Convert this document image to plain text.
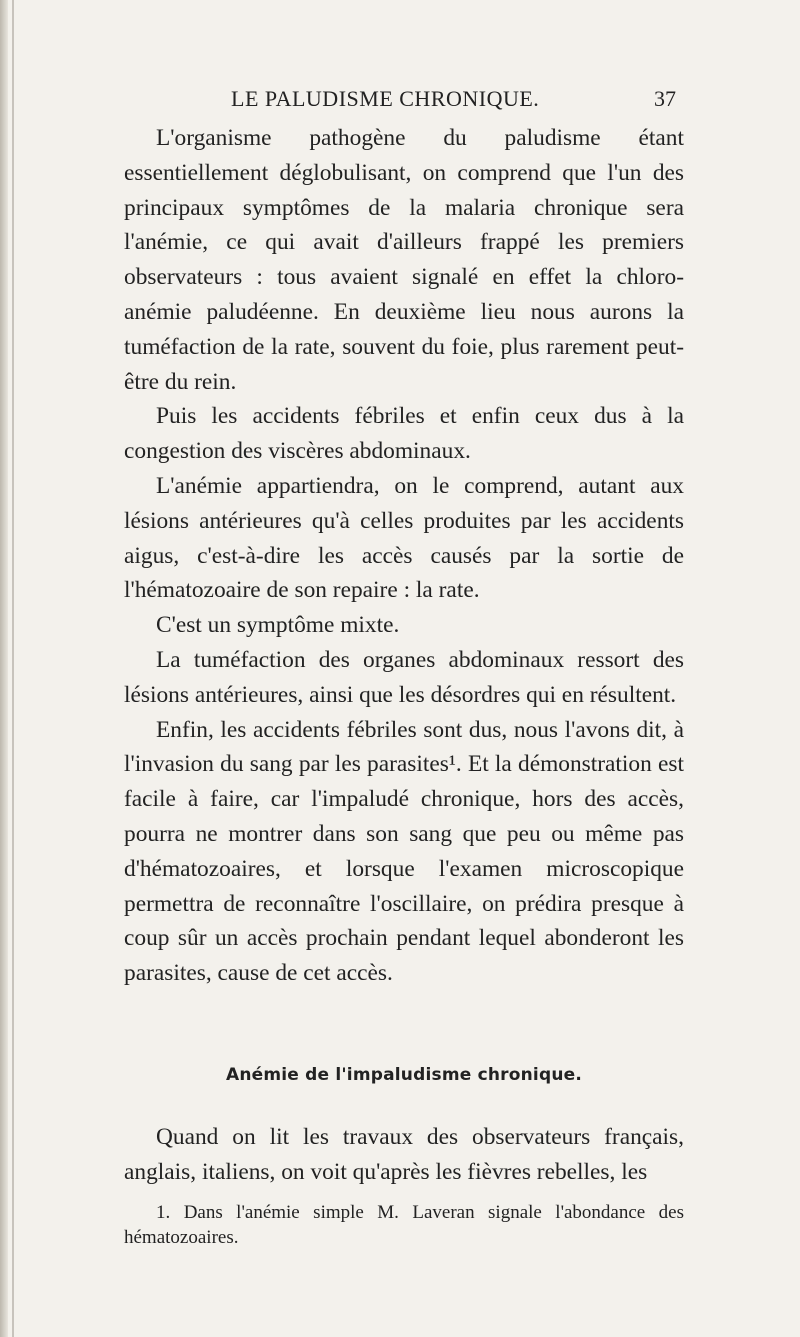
LE PALUDISME CHRONIQUE.	37

L'organisme pathogène du paludisme étant essentiellement déglobulisant, on comprend que l'un des principaux symptômes de la malaria chronique sera l'anémie, ce qui avait d'ailleurs frappé les premiers observateurs : tous avaient signalé en effet la chloro-anémie paludéenne. En deuxième lieu nous aurons la tuméfaction de la rate, souvent du foie, plus rarement peut-être du rein.

Puis les accidents fébriles et enfin ceux dus à la congestion des viscères abdominaux.

L'anémie appartiendra, on le comprend, autant aux lésions antérieures qu'à celles produites par les accidents aigus, c'est-à-dire les accès causés par la sortie de l'hématozoaire de son repaire : la rate.

C'est un symptôme mixte.

La tuméfaction des organes abdominaux ressort des lésions antérieures, ainsi que les désordres qui en résultent.

Enfin, les accidents fébriles sont dus, nous l'avons dit, à l'invasion du sang par les parasites¹. Et la démonstration est facile à faire, car l'impaludé chronique, hors des accès, pourra ne montrer dans son sang que peu ou même pas d'hématozoaires, et lorsque l'examen microscopique permettra de reconnaître l'oscillaire, on prédira presque à coup sûr un accès prochain pendant lequel abonderont les parasites, cause de cet accès.

Anémie de l'impaludisme chronique.

Quand on lit les travaux des observateurs français, anglais, italiens, on voit qu'après les fièvres rebelles, les

1. Dans l'anémie simple M. Laveran signale l'abondance des hématozoaires.
